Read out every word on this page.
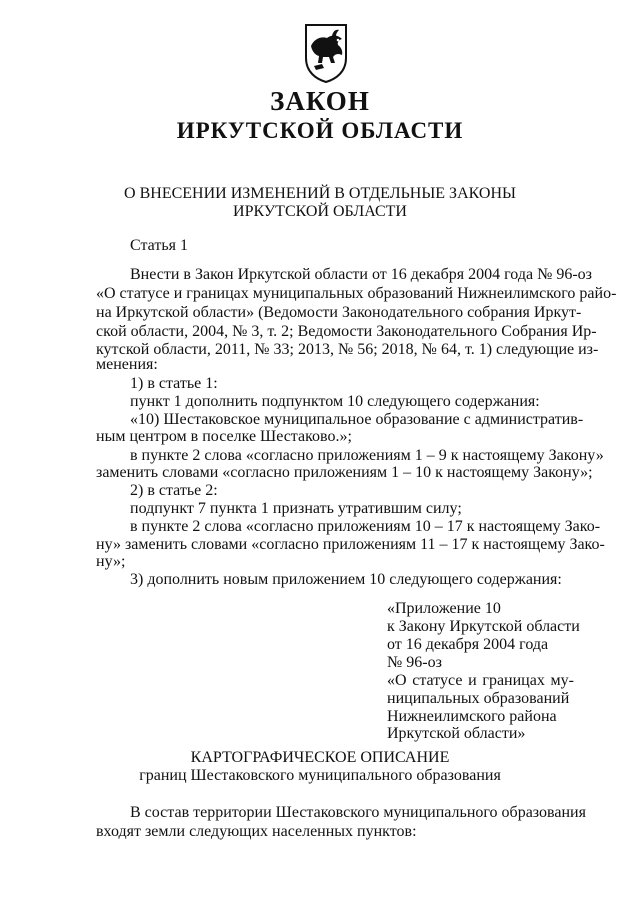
ЗАКОН
ИРКУТСКОЙ ОБЛАСТИ
О ВНЕСЕНИИ ИЗМЕНЕНИЙ В ОТДЕЛЬНЫЕ ЗАКОНЫ
ИРКУТСКОЙ ОБЛАСТИ
Статья 1
Внести в Закон Иркутской области от 16 декабря 2004 года № 96-оз
«О статусе и границах муниципальных образований Нижнеилимского райо-
на Иркутской области» (Ведомости Законодательного собрания Иркут-
ской области, 2004, № 3, т. 2; Ведомости Законодательного Собрания Ир-
кутской области, 2011, № 33; 2013, № 56; 2018, № 64, т. 1) следующие из-
менения:
1) в статье 1:
пункт 1 дополнить подпунктом 10 следующего содержания:
«10) Шестаковское муниципальное образование с административ-
ным центром в поселке Шестаково.»;
в пункте 2 слова «согласно приложениям 1 – 9 к настоящему Закону»
заменить словами «согласно приложениям 1 – 10 к настоящему Закону»;
2) в статье 2:
подпункт 7 пункта 1 признать утратившим силу;
в пункте 2 слова «согласно приложениям 10 – 17 к настоящему Зако-
ну» заменить словами «согласно приложениям 11 – 17 к настоящему Зако-
ну»;
3) дополнить новым приложением 10 следующего содержания:
«Приложение 10
к Закону Иркутской области
от 16 декабря 2004 года
№ 96-оз
«О статусе и границах му-
ниципальных образований
Нижнеилимского района
Иркутской области»
КАРТОГРАФИЧЕСКОЕ ОПИСАНИЕ
границ Шестаковского муниципального образования
В состав территории Шестаковского муниципального образования
входят земли следующих населенных пунктов:
